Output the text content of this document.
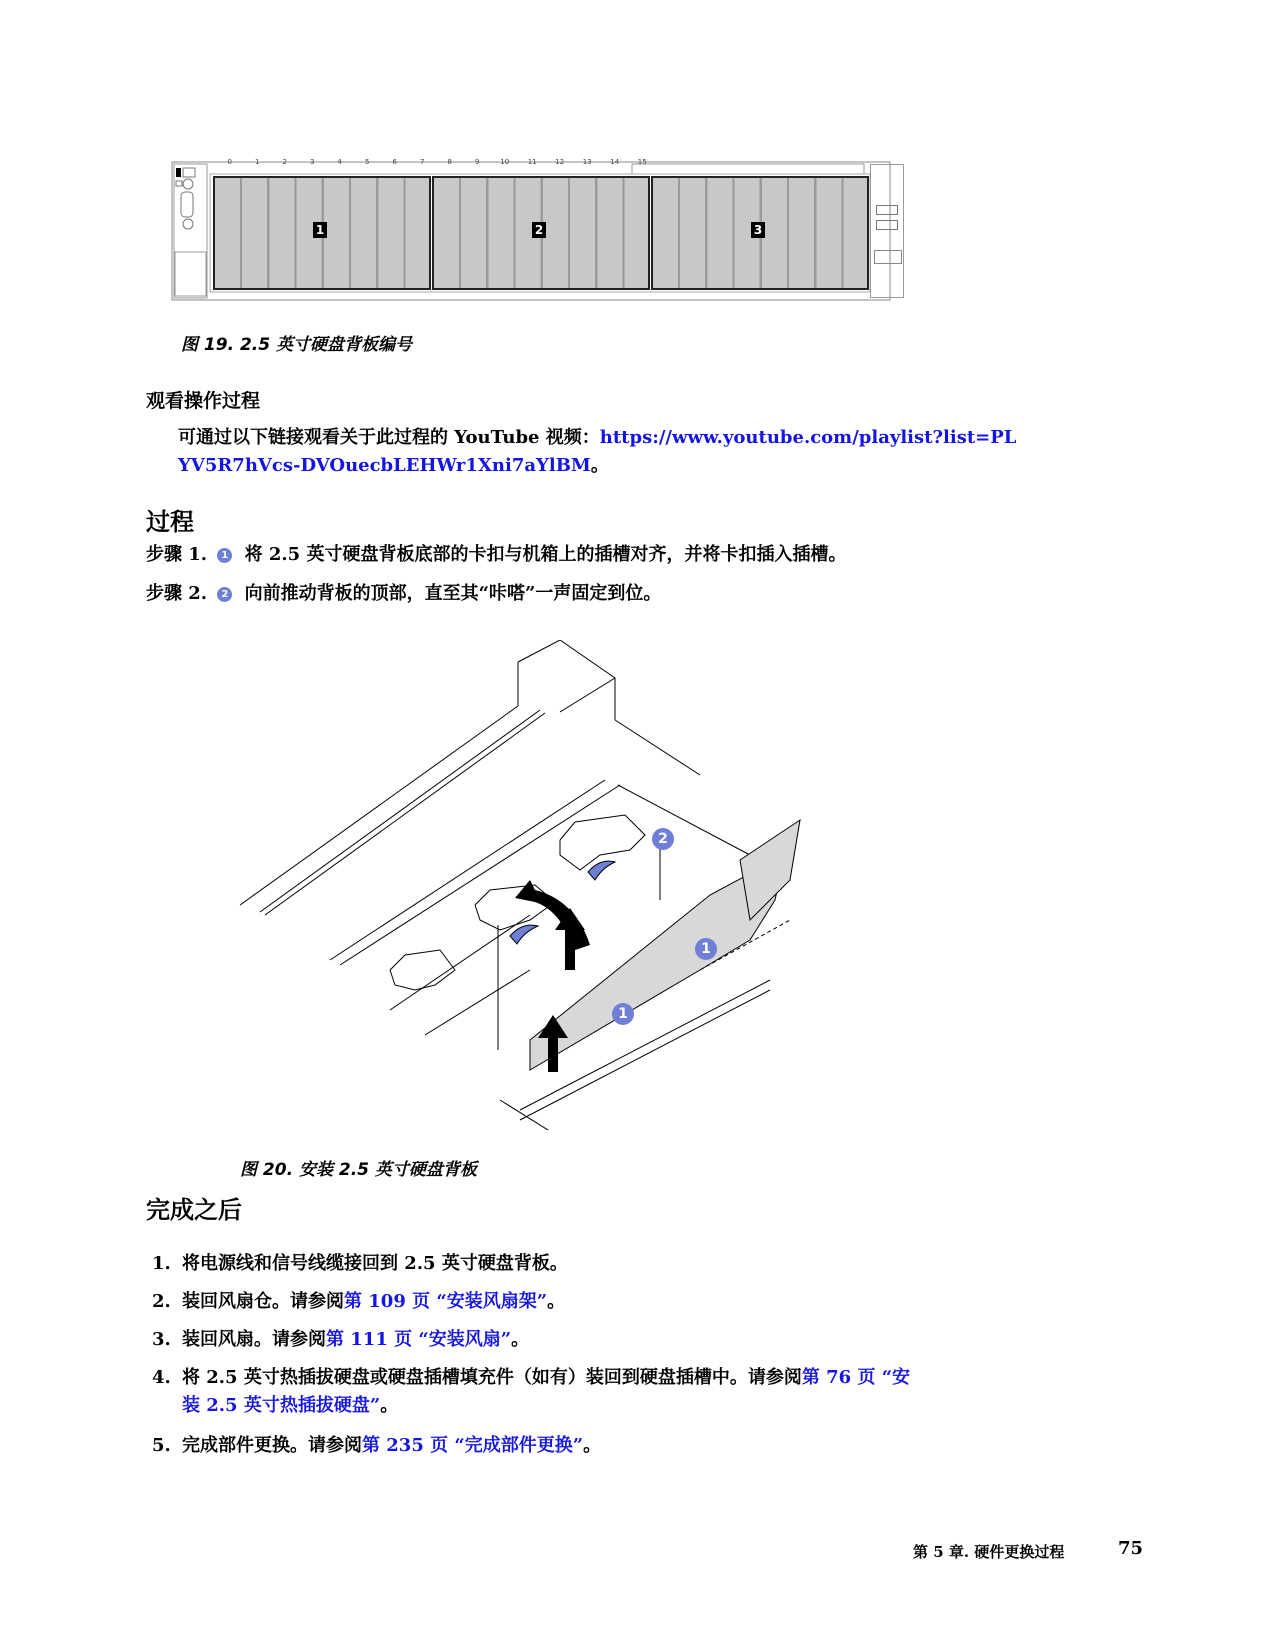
0	1	2	3	4	5	6	7	8	9	10	11	12	13	14	15
1	2	3
图 19. 2.5 英寸硬盘背板编号
观看操作过程
可通过以下链接观看关于此过程的 YouTube 视频：https://www.youtube.com/playlist?list=PL
YV5R7hVcs-DVOuecbLEHWr1Xni7aYlBM。
过程
步骤 1. 1 将 2.5 英寸硬盘背板底部的卡扣与机箱上的插槽对齐，并将卡扣插入插槽。
步骤 2. 2 向前推动背板的顶部，直至其“咔嗒”一声固定到位。
2
1
1
图 20. 安装 2.5 英寸硬盘背板
完成之后
1. 将电源线和信号线缆接回到 2.5 英寸硬盘背板。
2. 装回风扇仓。请参阅第 109 页 “安装风扇架”。
3. 装回风扇。请参阅第 111 页 “安装风扇”。
4. 将 2.5 英寸热插拔硬盘或硬盘插槽填充件（如有）装回到硬盘插槽中。请参阅第 76 页 “安
装 2.5 英寸热插拔硬盘”。
5. 完成部件更换。请参阅第 235 页 “完成部件更换”。
第 5 章. 硬件更换过程	75
